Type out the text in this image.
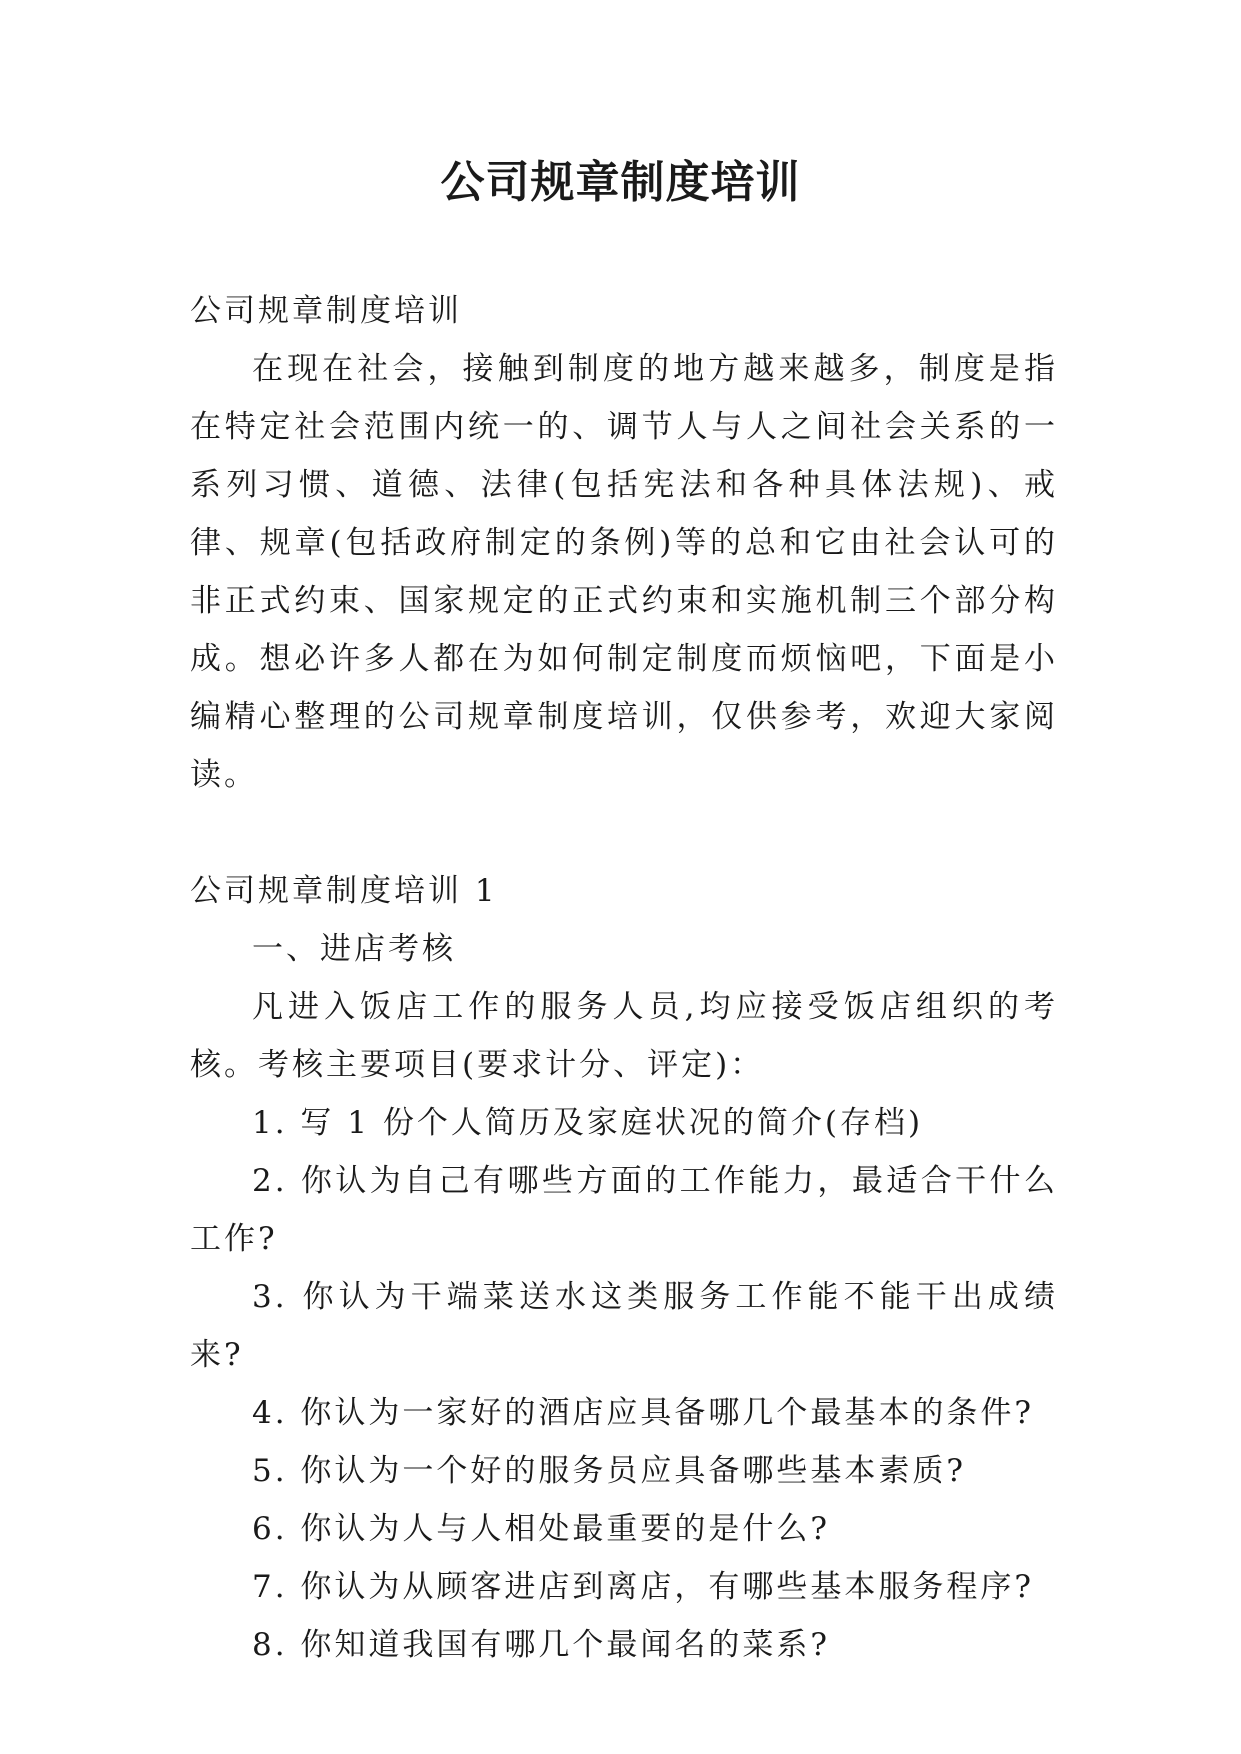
公司规章制度培训

公司规章制度培训

在现在社会，接触到制度的地方越来越多，制度是指在特定社会范围内统一的、调节人与人之间社会关系的一系列习惯、道德、法律(包括宪法和各种具体法规)、戒律、规章(包括政府制定的条例)等的总和它由社会认可的非正式约束、国家规定的正式约束和实施机制三个部分构成。想必许多人都在为如何制定制度而烦恼吧，下面是小编精心整理的公司规章制度培训，仅供参考，欢迎大家阅读。

公司规章制度培训 1

一、进店考核

凡进入饭店工作的服务人员,均应接受饭店组织的考核。考核主要项目(要求计分、评定)：

1. 写 1 份个人简历及家庭状况的简介(存档)

2. 你认为自己有哪些方面的工作能力，最适合干什么工作?

3. 你认为干端菜送水这类服务工作能不能干出成绩来?

4. 你认为一家好的酒店应具备哪几个最基本的条件?

5. 你认为一个好的服务员应具备哪些基本素质?

6. 你认为人与人相处最重要的是什么?

7. 你认为从顾客进店到离店，有哪些基本服务程序?

8. 你知道我国有哪几个最闻名的菜系?
